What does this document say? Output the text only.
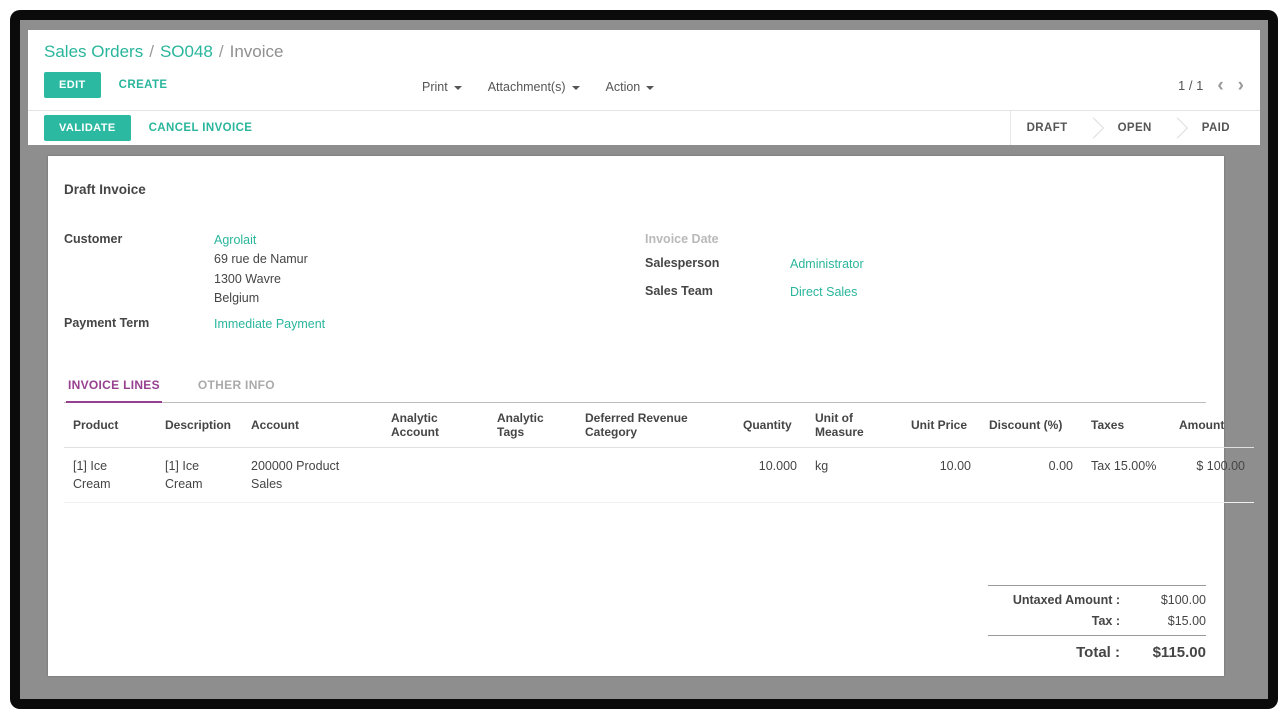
Sales Orders / SO048 / Invoice
EDIT	CREATE	Print	Attachment(s)	Action	1 / 1 ‹ ›
VALIDATE	CANCEL INVOICE	DRAFT	OPEN	PAID
Draft Invoice
Customer	Agrolait
69 rue de Namur
1300 Wavre
Belgium
Payment Term	Immediate Payment
Invoice Date
Salesperson	Administrator
Sales Team	Direct Sales
INVOICE LINES	OTHER INFO
Product	Description	Account	Analytic Account	Analytic Tags	Deferred Revenue Category	Quantity	Unit of Measure	Unit Price	Discount (%)	Taxes	Amount
[1] Ice Cream	[1] Ice Cream	200000 Product Sales				10.000	kg	10.00	0.00	Tax 15.00%	$ 100.00
Untaxed Amount :	$100.00
Tax :	$15.00
Total :	$115.00
